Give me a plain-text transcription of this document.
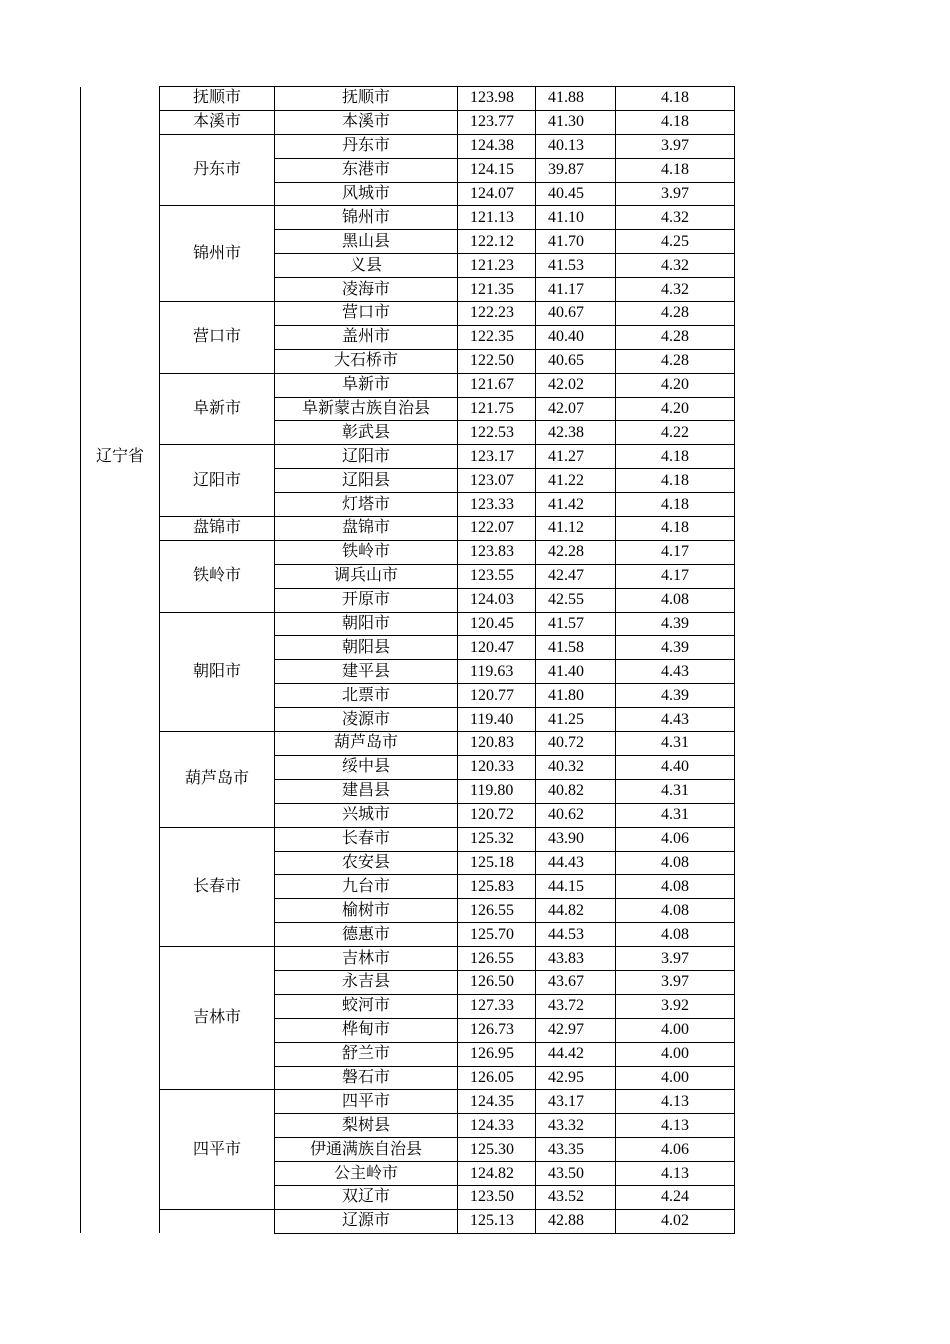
辽宁省	抚顺市	抚顺市	123.98	41.88	4.18
	本溪市	本溪市	123.77	41.30	4.18
	丹东市	丹东市	124.38	40.13	3.97
		东港市	124.15	39.87	4.18
		风城市	124.07	40.45	3.97
	锦州市	锦州市	121.13	41.10	4.32
		黑山县	122.12	41.70	4.25
		义县	121.23	41.53	4.32
		凌海市	121.35	41.17	4.32
	营口市	营口市	122.23	40.67	4.28
		盖州市	122.35	40.40	4.28
		大石桥市	122.50	40.65	4.28
	阜新市	阜新市	121.67	42.02	4.20
		阜新蒙古族自治县	121.75	42.07	4.20
		彰武县	122.53	42.38	4.22
	辽阳市	辽阳市	123.17	41.27	4.18
		辽阳县	123.07	41.22	4.18
		灯塔市	123.33	41.42	4.18
	盘锦市	盘锦市	122.07	41.12	4.18
	铁岭市	铁岭市	123.83	42.28	4.17
		调兵山市	123.55	42.47	4.17
		开原市	124.03	42.55	4.08
	朝阳市	朝阳市	120.45	41.57	4.39
		朝阳县	120.47	41.58	4.39
		建平县	119.63	41.40	4.43
		北票市	120.77	41.80	4.39
		凌源市	119.40	41.25	4.43
	葫芦岛市	葫芦岛市	120.83	40.72	4.31
		绥中县	120.33	40.32	4.40
		建昌县	119.80	40.82	4.31
		兴城市	120.72	40.62	4.31
	长春市	长春市	125.32	43.90	4.06
		农安县	125.18	44.43	4.08
		九台市	125.83	44.15	4.08
		榆树市	126.55	44.82	4.08
		德惠市	125.70	44.53	4.08
	吉林市	吉林市	126.55	43.83	3.97
		永吉县	126.50	43.67	3.97
		蛟河市	127.33	43.72	3.92
		桦甸市	126.73	42.97	4.00
		舒兰市	126.95	44.42	4.00
		磐石市	126.05	42.95	4.00
	四平市	四平市	124.35	43.17	4.13
		梨树县	124.33	43.32	4.13
		伊通满族自治县	125.30	43.35	4.06
		公主岭市	124.82	43.50	4.13
		双辽市	123.50	43.52	4.24
		辽源市	125.13	42.88	4.02
